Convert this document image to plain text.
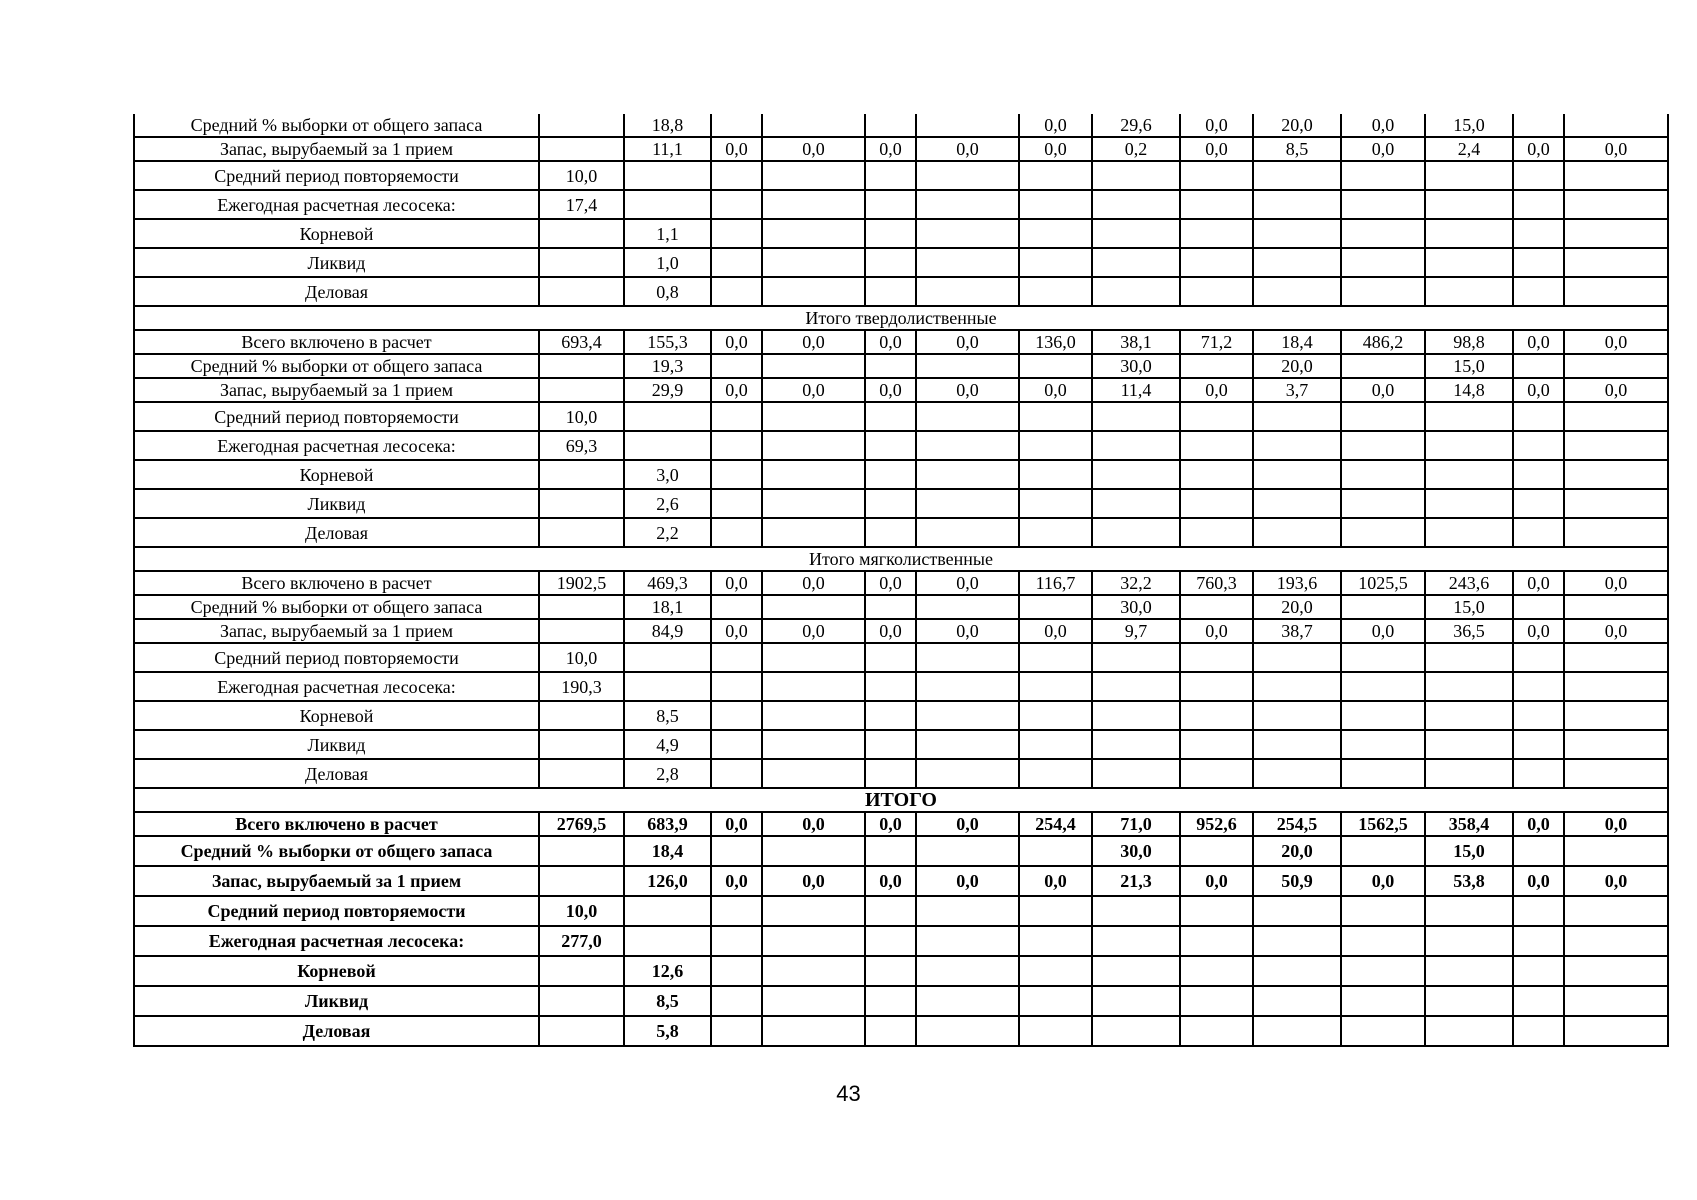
Средний % выборки от общего запаса		18,8					0,0	29,6	0,0	20,0	0,0	15,0		
Запас, вырубаемый за 1 прием		11,1	0,0	0,0	0,0	0,0	0,0	0,2	0,0	8,5	0,0	2,4	0,0	0,0
Средний период повторяемости	10,0													
Ежегодная расчетная лесосека:	17,4													
Корневой		1,1												
Ликвид		1,0												
Деловая		0,8												
Итого твердолиственные														
Всего включено в расчет	693,4	155,3	0,0	0,0	0,0	0,0	136,0	38,1	71,2	18,4	486,2	98,8	0,0	0,0
Средний % выборки от общего запаса		19,3						30,0		20,0		15,0		
Запас, вырубаемый за 1 прием		29,9	0,0	0,0	0,0	0,0	0,0	11,4	0,0	3,7	0,0	14,8	0,0	0,0
Средний период повторяемости	10,0													
Ежегодная расчетная лесосека:	69,3													
Корневой		3,0												
Ликвид		2,6												
Деловая		2,2												
Итого мягколиственные														
Всего включено в расчет	1902,5	469,3	0,0	0,0	0,0	0,0	116,7	32,2	760,3	193,6	1025,5	243,6	0,0	0,0
Средний % выборки от общего запаса		18,1						30,0		20,0		15,0		
Запас, вырубаемый за 1 прием		84,9	0,0	0,0	0,0	0,0	0,0	9,7	0,0	38,7	0,0	36,5	0,0	0,0
Средний период повторяемости	10,0													
Ежегодная расчетная лесосека:	190,3													
Корневой		8,5												
Ликвид		4,9												
Деловая		2,8												
ИТОГО														
Всего включено в расчет	2769,5	683,9	0,0	0,0	0,0	0,0	254,4	71,0	952,6	254,5	1562,5	358,4	0,0	0,0
Средний % выборки от общего запаса		18,4						30,0		20,0		15,0		
Запас, вырубаемый за 1 прием		126,0	0,0	0,0	0,0	0,0	0,0	21,3	0,0	50,9	0,0	53,8	0,0	0,0
Средний период повторяемости	10,0													
Ежегодная расчетная лесосека:	277,0													
Корневой		12,6												
Ликвид		8,5												
Деловая		5,8												
43
